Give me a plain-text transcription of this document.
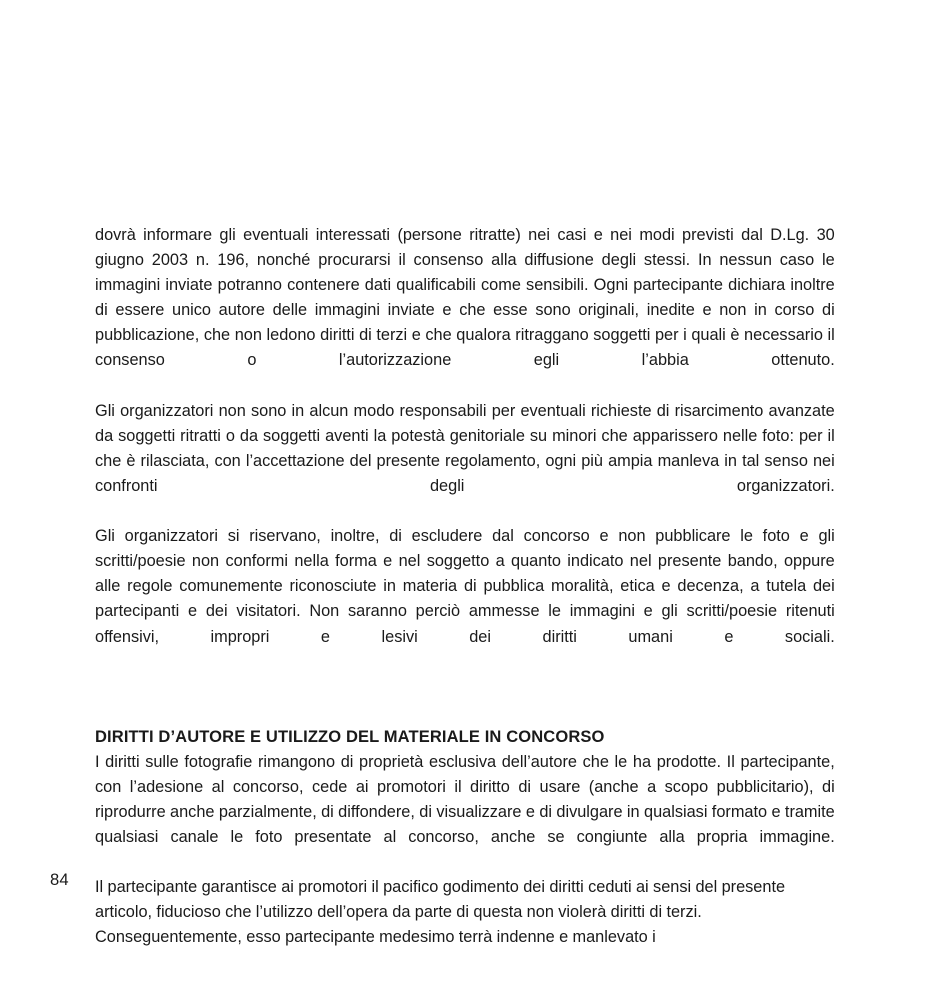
dovrà informare gli eventuali interessati (persone ritratte) nei casi e nei modi previsti dal D.Lg. 30 giugno 2003 n. 196, nonché procurarsi il consenso alla diffusione degli stessi. In nessun caso le immagini inviate potranno contenere dati qualificabili come sensibili. Ogni partecipante dichiara inoltre di essere unico autore delle immagini inviate e che esse sono originali, inedite e non in corso di pubblicazione, che non ledono diritti di terzi e che qualora ritraggano soggetti per i quali è necessario il consenso o l’autorizzazione egli l’abbia ottenuto.

Gli organizzatori non sono in alcun modo responsabili per eventuali richieste di risarcimento avanzate da soggetti ritratti o da soggetti aventi la potestà genitoriale su minori che apparissero nelle foto: per il che è rilasciata, con l’accettazione del presente regolamento, ogni più ampia manleva in tal senso nei confronti degli organizzatori.

Gli organizzatori si riservano, inoltre, di escludere dal concorso e non pubblicare le foto e gli scritti/poesie non conformi nella forma e nel soggetto a quanto indicato nel presente bando, oppure alle regole comunemente riconosciute in materia di pubblica moralità, etica e decenza, a tutela dei partecipanti e dei visitatori. Non saranno perciò ammesse le immagini e gli scritti/poesie ritenuti offensivi, impropri e lesivi dei diritti umani e sociali.

DIRITTI D’AUTORE E UTILIZZO DEL MATERIALE IN CONCORSO

I diritti sulle fotografie rimangono di proprietà esclusiva dell’autore che le ha prodotte. Il partecipante, con l’adesione al concorso, cede ai promotori il diritto di usare (anche a scopo pubblicitario), di riprodurre anche parzialmente, di diffondere, di visualizzare e di divulgare in qualsiasi formato e tramite qualsiasi canale le foto presentate al concorso, anche se congiunte alla propria immagine.

Il partecipante garantisce ai promotori il pacifico godimento dei diritti ceduti ai sensi del presente articolo, fiducioso che l’utilizzo dell’opera da parte di questa non violerà diritti di terzi. Conseguentemente, esso partecipante medesimo terrà indenne e manlevato i

84
